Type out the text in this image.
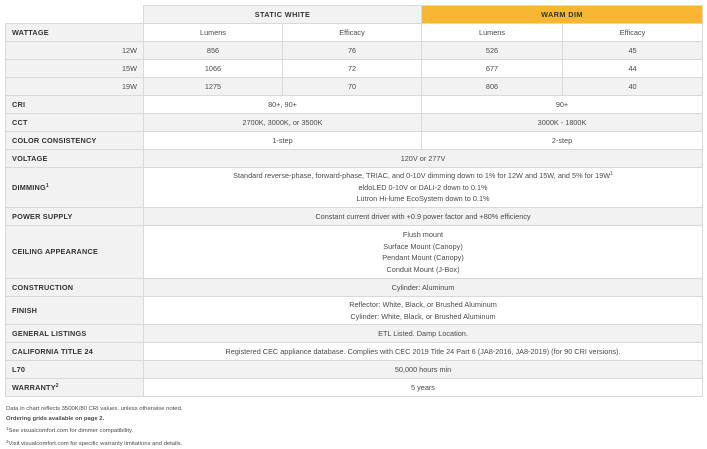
	STATIC WHITE		WARM DIM	
WATTAGE	Lumens	Efficacy	Lumens	Efficacy
12W	856	76	526	45
15W	1066	72	677	44
19W	1275	70	806	40
CRI	80+, 90+		90+	
CCT	2700K, 3000K, or 3500K		3000K - 1800K	
COLOR CONSISTENCY	1-step		2-step	
VOLTAGE	120V or 277V			
DIMMING$^1$	Standard reverse-phase, forward-phase, TRIAC, and 0-10V dimming down to 1% for 12W and 15W, and 5% for $19W^1$
eldoLED 0-10V or DALI-2 down to 0.1%
Lutron Hi-lume EcoSystem down to 0.1%			

POWER SUPPLY	Constant current driver with +0.9 power factor and +80% efficiency			
CEILING APPEARANCE	Flush mount
Surface Mount (Canopy)
Pendant Mount (Canopy)
Conduit Mount (J-Box)			

CONSTRUCTION	Cylinder: Aluminum			
FINISH	Reflector: White, Black, or Brushed Aluminum
Cylinder: White, Black, or Brushed Aluminum			

GENERAL LISTINGS	ETL Listed. Damp Location.			
CALIFORNIA TITLE 24	Registered CEC appliance database. Complies with CEC 2019 Title 24 Part 6 (JA8-2016, JA8-2019) (for 90 CRI versions).			
L70	50,000 hours min			
WARRANTY$^2$	5 years			
Data in chart reflects 3500K/80 CRI values, unless otherwise noted.
Ordering grids available on page 2.
$^1$See visualcomfort.com for dimmer compatibility.
$^2$Visit visualcomfort.com for specific warranty limitations and details.
